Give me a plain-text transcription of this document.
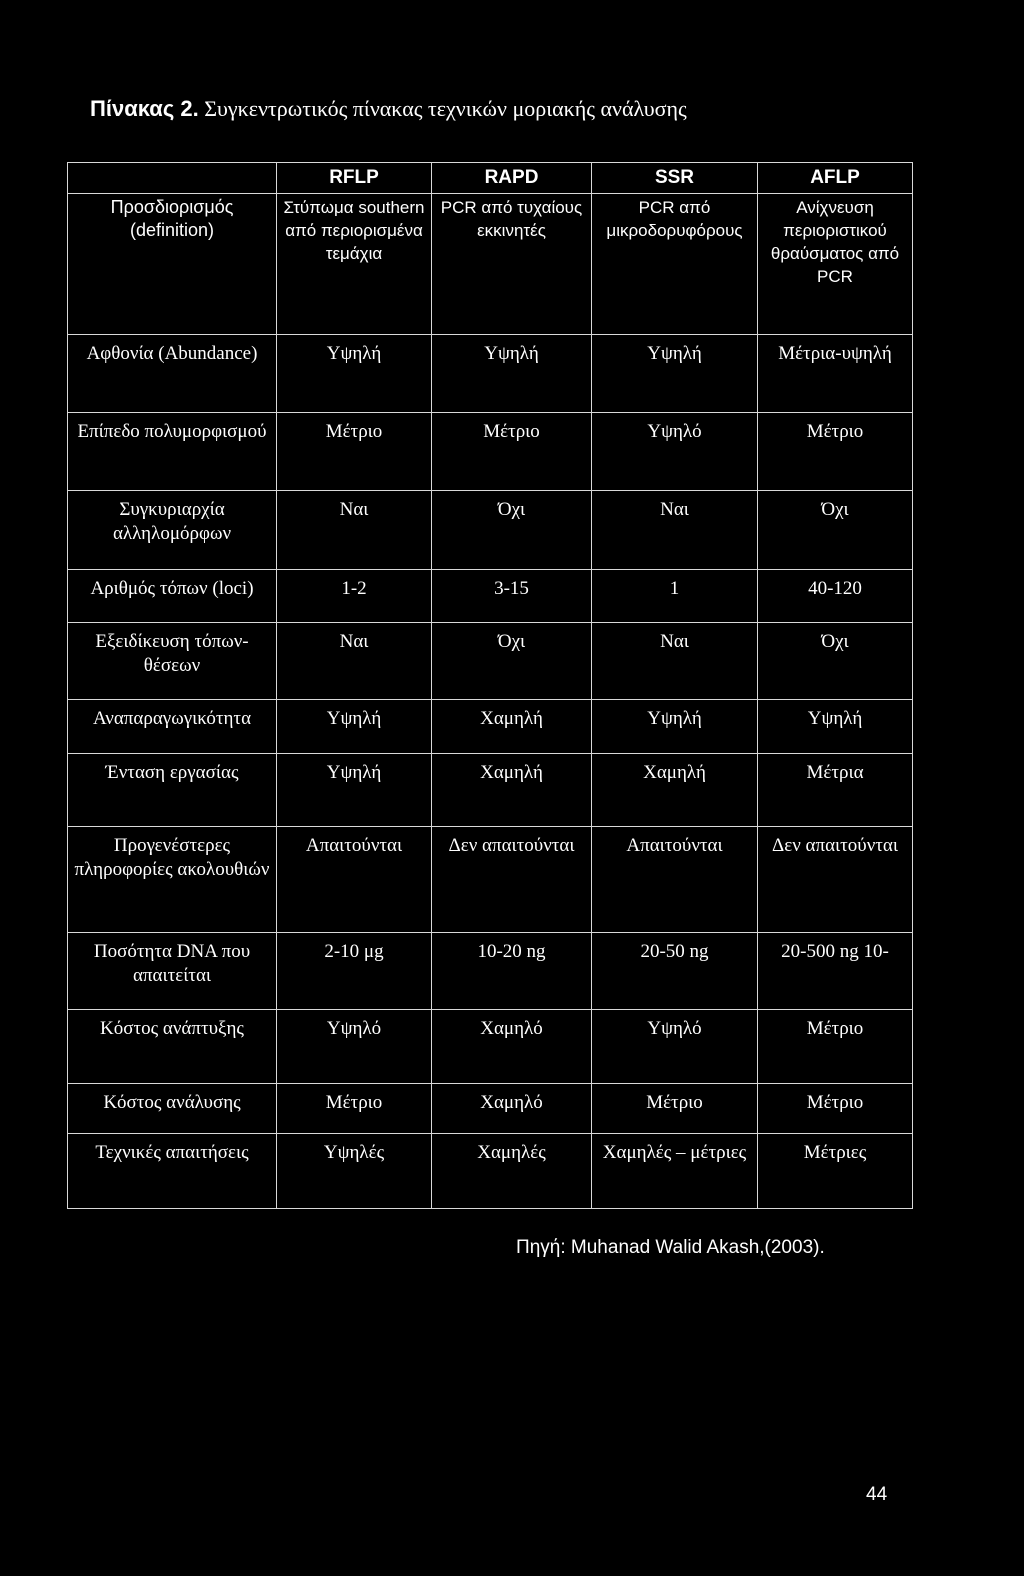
Πίνακας 2. Συγκεντρωτικός πίνακας τεχνικών μοριακής ανάλυσης
	RFLP	RAPD	SSR	AFLP
Προσδιορισμός (definition)	Στύπωμα southern από περιορισμένα τεμάχια	PCR από τυχαίους εκκινητές	PCR από μικροδορυφόρους	Ανίχνευση περιοριστικού θραύσματος από PCR
Αφθονία (Abundance)	Υψηλή	Υψηλή	Υψηλή	Μέτρια-υψηλή
Επίπεδο πολυμορφισμού	Μέτριο	Μέτριο	Υψηλό	Μέτριο
Συγκυριαρχία αλληλομόρφων	Ναι	Όχι	Ναι	Όχι
Αριθμός τόπων (loci)	1-2	3-15	1	40-120
Εξειδίκευση τόπων-θέσεων	Ναι	Όχι	Ναι	Όχι
Αναπαραγωγικότητα	Υψηλή	Χαμηλή	Υψηλή	Υψηλή
Ένταση εργασίας	Υψηλή	Χαμηλή	Χαμηλή	Μέτρια
Προγενέστερες πληροφορίες ακολουθιών	Απαιτούνται	Δεν απαιτούνται	Απαιτούνται	Δεν απαιτούνται
Ποσότητα DNA που απαιτείται	2-10 μg	10-20 ng	20-50 ng	20-500 ng 10-
Κόστος ανάπτυξης	Υψηλό	Χαμηλό	Υψηλό	Μέτριο
Κόστος ανάλυσης	Μέτριο	Χαμηλό	Μέτριο	Μέτριο
Τεχνικές απαιτήσεις	Υψηλές	Χαμηλές	Χαμηλές – μέτριες	Μέτριες
Πηγή: Muhanad Walid Akash,(2003).
44
